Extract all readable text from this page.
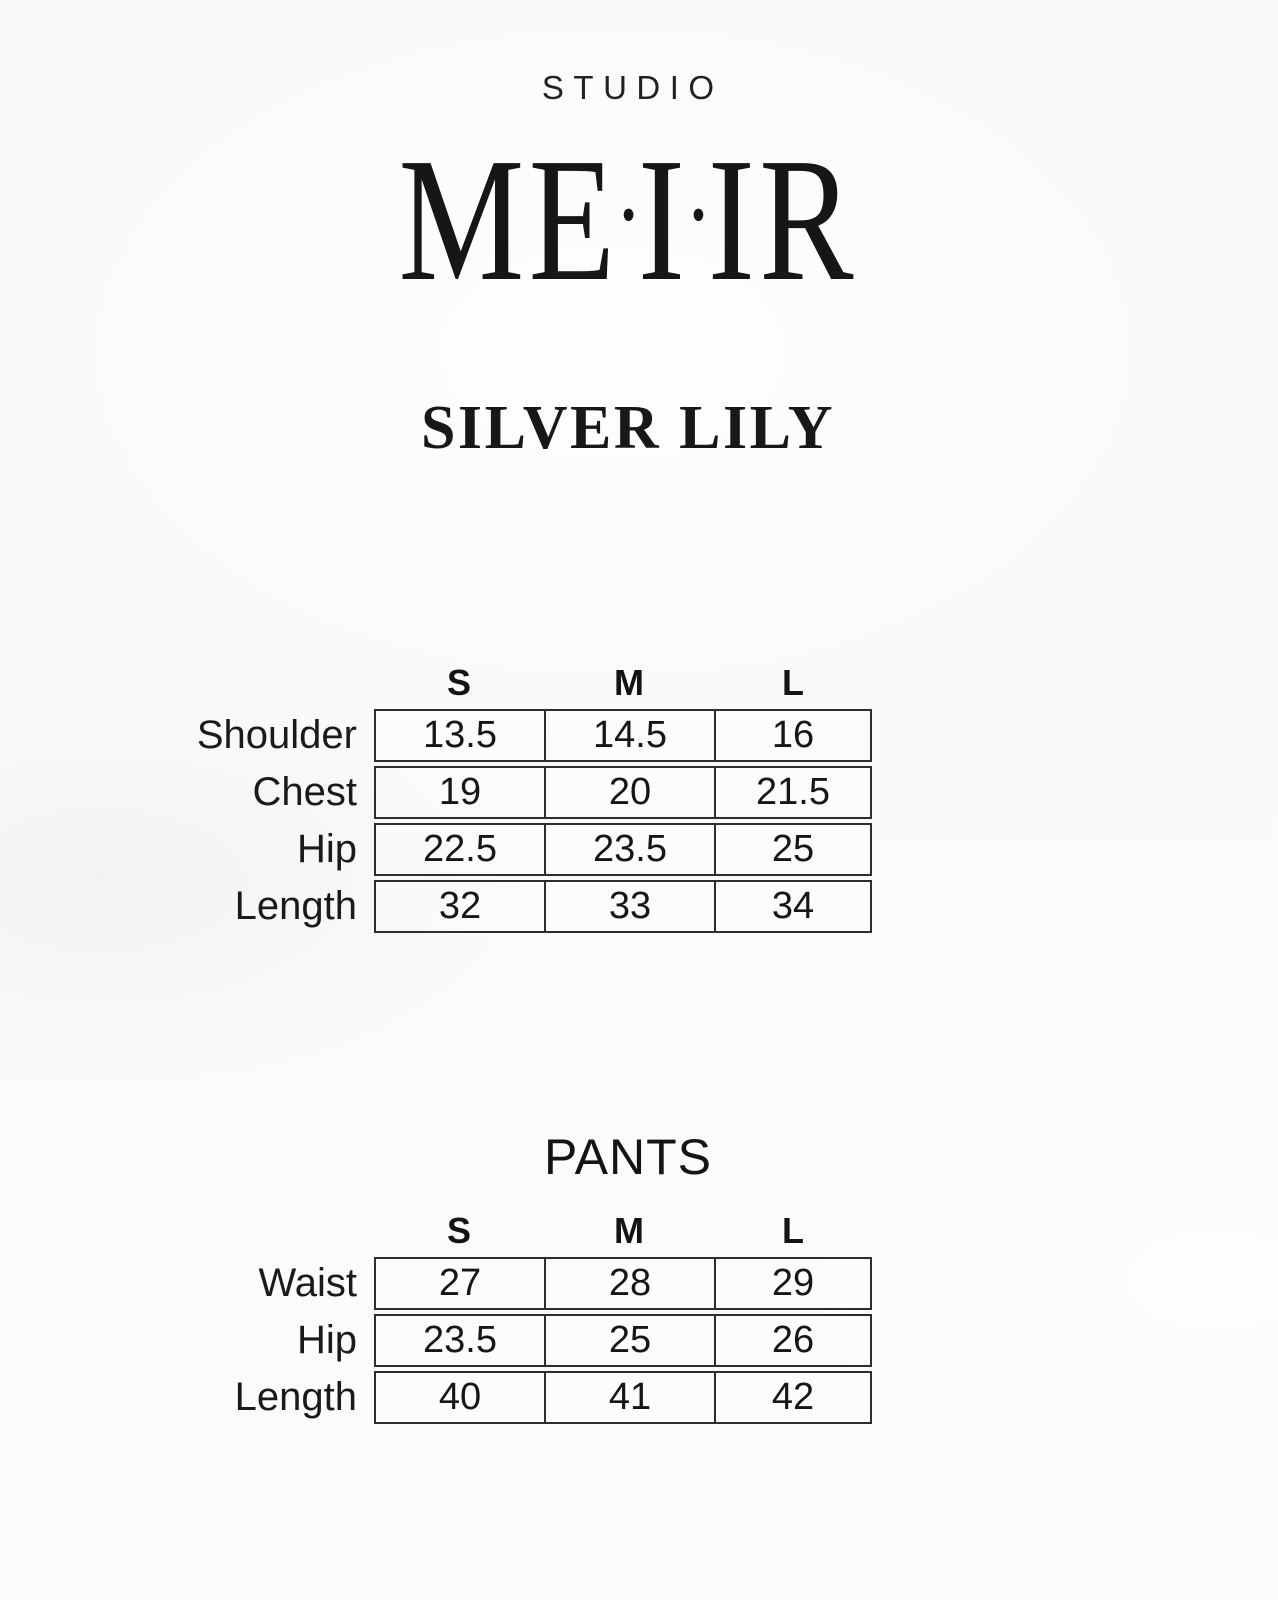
STUDIO
ME•I•IR
SILVER LILY
	S	M	L
Shoulder	13.5	14.5	16
Chest	19	20	21.5
Hip	22.5	23.5	25
Length	32	33	34
PANTS
	S	M	L
Waist	27	28	29
Hip	23.5	25	26
Length	40	41	42
